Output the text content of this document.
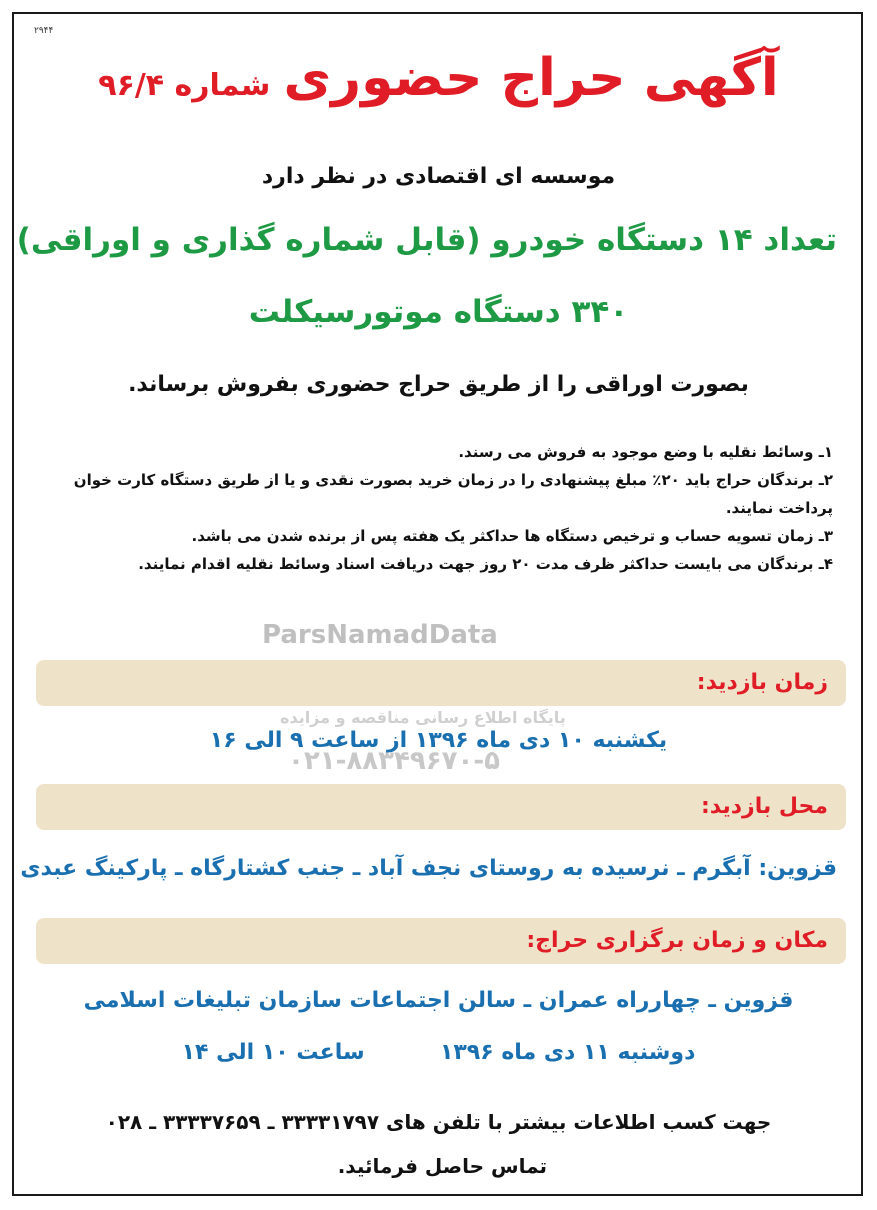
۲۹۴۴
ParsNamadData
پایگاه اطلاع رسانی مناقصه و مزایده
۰۲۱-۸۸۳۴۹۶۷۰-۵
آگهی حراج حضوری شماره ۹۶/۴
موسسه ای اقتصادی در نظر دارد
تعداد ۱۴ دستگاه خودرو (قابل شماره گذاری و اوراقی)
۳۴۰ دستگاه موتورسیکلت
بصورت اوراقی را از طریق حراج حضوری بفروش برساند.

۱ـ وسائط نقلیه با وضع موجود به فروش می رسند.

۲ـ برندگان حراج باید ۲۰٪ مبلغ پیشنهادی را در زمان خرید بصورت نقدی و یا از طریق دستگاه کارت خوان پرداخت نمایند.

۳ـ زمان تسویه حساب و ترخیص دستگاه ها حداکثر یک هفته پس از برنده شدن می باشد.

۴ـ برندگان می بایست حداکثر ظرف مدت ۲۰ روز جهت دریافت اسناد وسائط نقلیه اقدام نمایند.

زمان بازدید:
یکشنبه ۱۰ دی ماه ۱۳۹۶ از ساعت ۹ الی ۱۶
محل بازدید:
قزوین: آبگرم ـ نرسیده به روستای نجف آباد ـ جنب کشتارگاه ـ پارکینگ عبدی
مکان و زمان برگزاری حراج:
قزوین ـ چهارراه عمران ـ سالن اجتماعات سازمان تبلیغات اسلامی
دوشنبه ۱۱ دی ماه ۱۳۹۶  ساعت ۱۰ الی ۱۴
جهت کسب اطلاعات بیشتر با تلفن های ۳۳۳۳۱۷۹۷ ـ ۳۳۳۳۷۶۵۹ ـ ۰۲۸
تماس حاصل فرمائید.
